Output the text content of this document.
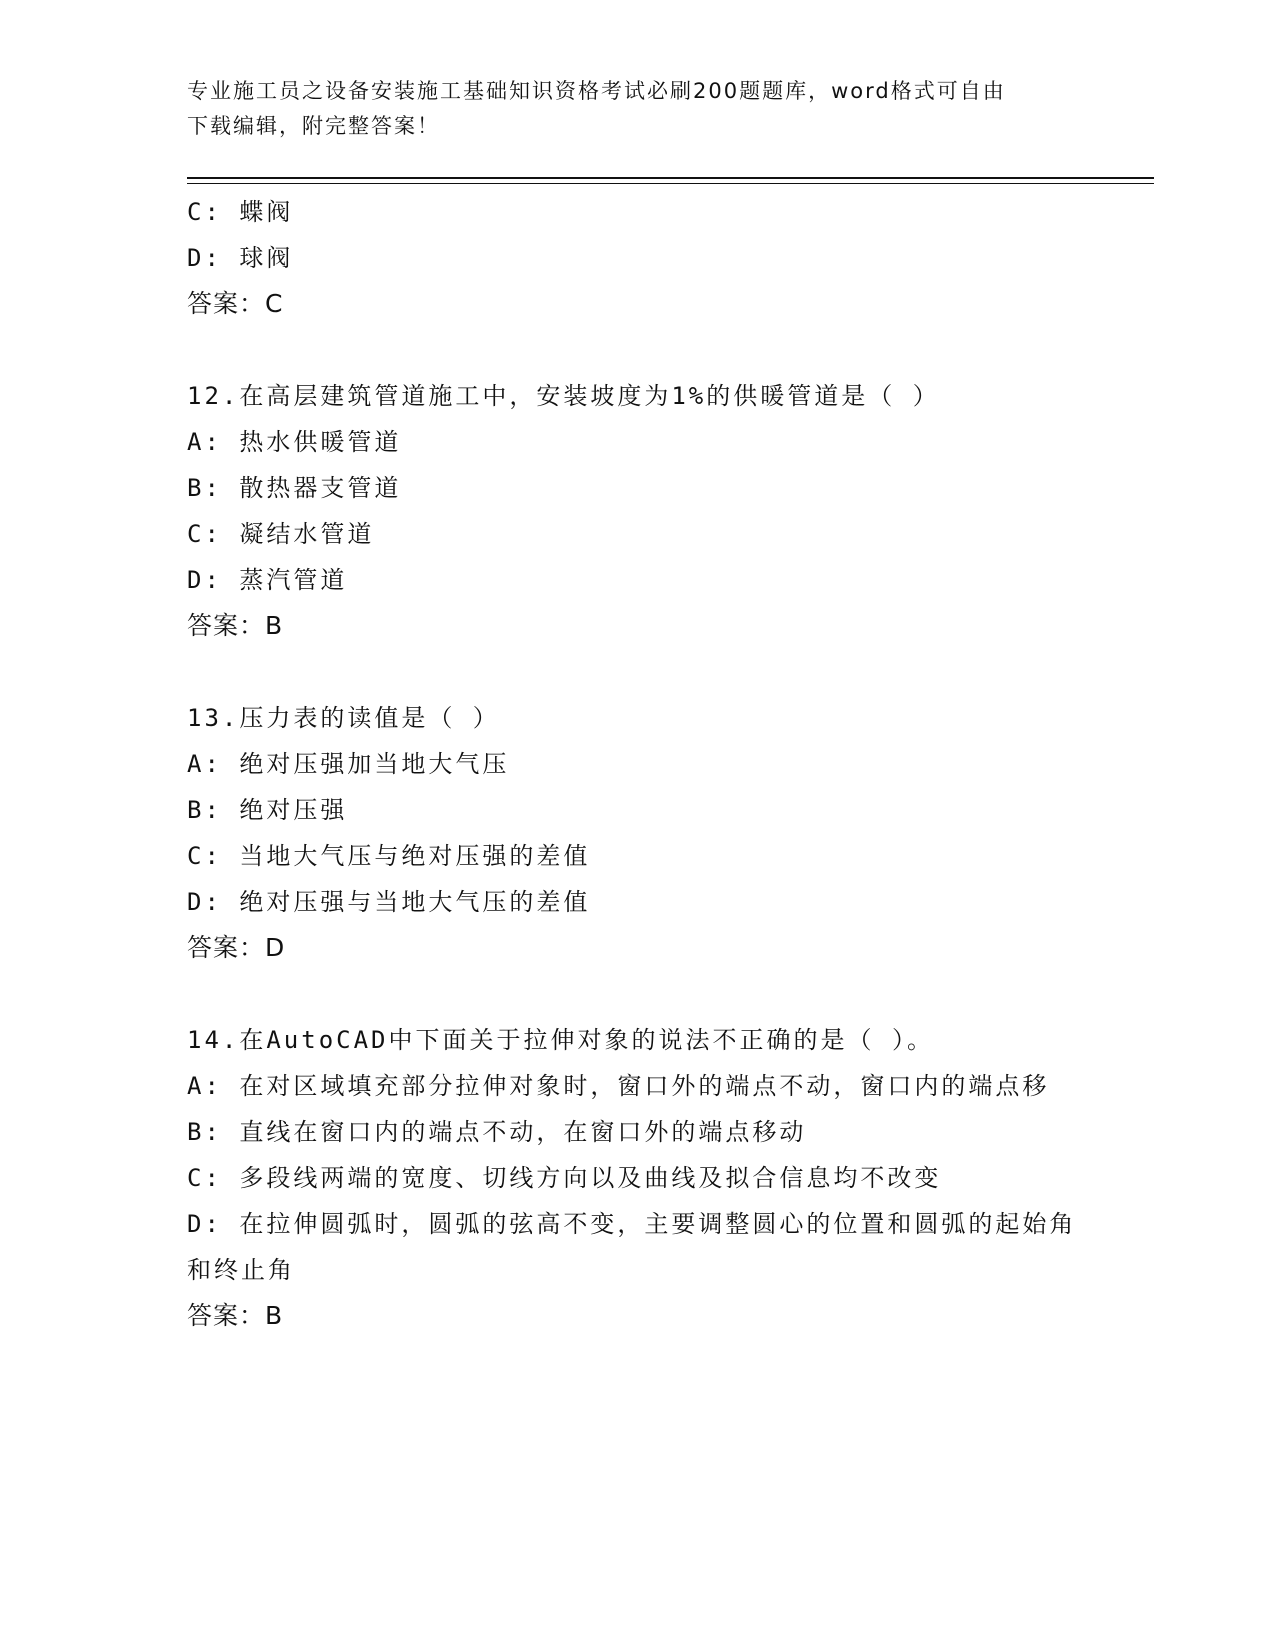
专业施工员之设备安装施工基础知识资格考试必刷200题题库，word格式可自由
下载编辑，附完整答案！
C: 蝶阀
D: 球阀
答案：C
12.在高层建筑管道施工中，安装坡度为1%的供暖管道是（ ）
A: 热水供暖管道
B: 散热器支管道
C: 凝结水管道
D: 蒸汽管道
答案：B
13.压力表的读值是（ ）
A: 绝对压强加当地大气压
B: 绝对压强
C: 当地大气压与绝对压强的差值
D: 绝对压强与当地大气压的差值
答案：D
14.在AutoCAD中下面关于拉伸对象的说法不正确的是（ ）。
A: 在对区域填充部分拉伸对象时，窗口外的端点不动，窗口内的端点移
B: 直线在窗口内的端点不动，在窗口外的端点移动
C: 多段线两端的宽度、切线方向以及曲线及拟合信息均不改变
D: 在拉伸圆弧时，圆弧的弦高不变，主要调整圆心的位置和圆弧的起始角和终止角
答案：B
